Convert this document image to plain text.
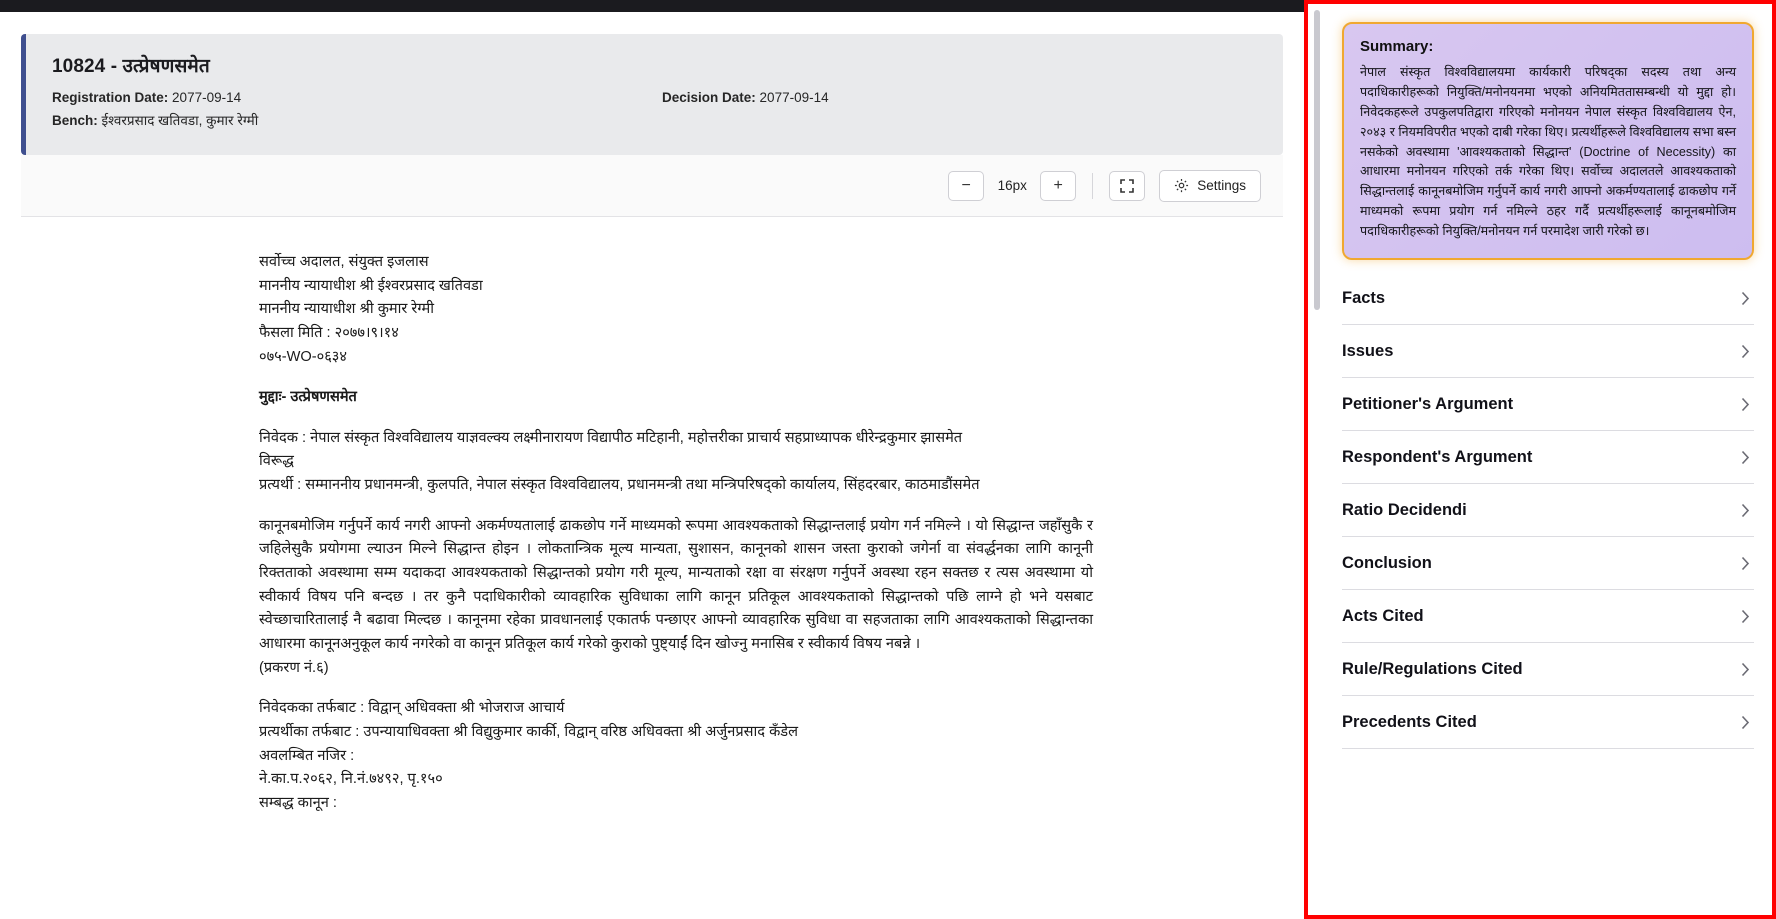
10824 - उत्प्रेषणसमेत
Registration Date: 2077-09-14	Decision Date: 2077-09-14
Bench: ईश्वरप्रसाद खतिवडा, कुमार रेग्मी
−	16px	+	Settings

सर्वोच्च अदालत, संयुक्त इजलास

माननीय न्यायाधीश श्री ईश्वरप्रसाद खतिवडा

माननीय न्यायाधीश श्री कुमार रेग्मी

फैसला मिति : २०७७।९।१४

०७५-WO-०६३४

मुद्दाः- उत्प्रेषणसमेत

निवेदक : नेपाल संस्कृत विश्वविद्यालय याज्ञवल्क्य लक्ष्मीनारायण विद्यापीठ मटिहानी, महोत्तरीका प्राचार्य सहप्राध्यापक धीरेन्द्रकुमार झासमेत

विरूद्ध

प्रत्यर्थी : सम्माननीय प्रधानमन्त्री, कुलपति, नेपाल संस्कृत विश्वविद्यालय, प्रधानमन्त्री तथा मन्त्रिपरिषद्को कार्यालय, सिंहदरबार, काठमाडौंसमेत

कानूनबमोजिम गर्नुपर्ने कार्य नगरी आफ्नो अकर्मण्यतालाई ढाकछोप गर्ने माध्यमको रूपमा आवश्यकताको सिद्धान्तलाई प्रयोग गर्न नमिल्ने । यो सिद्धान्त जहाँसुकै र जहिलेसुकै प्रयोगमा ल्याउन मिल्ने सिद्धान्त होइन । लोकतान्त्रिक मूल्य मान्यता, सुशासन, कानूनको शासन जस्ता कुराको जगेर्ना वा संवर्द्धनका लागि कानूनी रिक्तताको अवस्थामा सम्म यदाकदा आवश्यकताको सिद्धान्तको प्रयोग गरी मूल्य, मान्यताको रक्षा वा संरक्षण गर्नुपर्ने अवस्था रहन सक्तछ र त्यस अवस्थामा यो स्वीकार्य विषय पनि बन्दछ । तर कुनै पदाधिकारीको व्यावहारिक सुविधाका लागि कानून प्रतिकूल आवश्यकताको सिद्धान्तको पछि लाग्ने हो भने यसबाट स्वेच्छाचारितालाई नै बढावा मिल्दछ । कानूनमा रहेका प्रावधानलाई एकातर्फ पन्छाएर आफ्नो व्यावहारिक सुविधा वा सहजताका लागि आवश्यकताको सिद्धान्तका आधारमा कानूनअनुकूल कार्य नगरेको वा कानून प्रतिकूल कार्य गरेको कुराको पुष्ट्याईं दिन खोज्नु मनासिब र स्वीकार्य विषय नबन्ने ।

(प्रकरण नं.६)

निवेदकका तर्फबाट : विद्वान् अधिवक्ता श्री भोजराज आचार्य

प्रत्यर्थीका तर्फबाट : उपन्यायाधिवक्ता श्री विद्युकुमार कार्की, विद्वान् वरिष्ठ अधिवक्ता श्री अर्जुनप्रसाद कँडेल

अवलम्बित नजिर :

ने.का.प.२०६२, नि.नं.७४९२, पृ.१५०

सम्बद्ध कानून :

Summary:
नेपाल संस्कृत विश्वविद्यालयमा कार्यकारी परिषद्का सदस्य तथा अन्य पदाधिकारीहरूको नियुक्ति/मनोनयनमा भएको अनियमिततासम्बन्धी यो मुद्दा हो। निवेदकहरूले उपकुलपतिद्वारा गरिएको मनोनयन नेपाल संस्कृत विश्वविद्यालय ऐन, २०४३ र नियमविपरीत भएको दाबी गरेका थिए। प्रत्यर्थीहरूले विश्वविद्यालय सभा बस्न नसकेको अवस्थामा 'आवश्यकताको सिद्धान्त' (Doctrine of Necessity) का आधारमा मनोनयन गरिएको तर्क गरेका थिए। सर्वोच्च अदालतले आवश्यकताको सिद्धान्तलाई कानूनबमोजिम गर्नुपर्ने कार्य नगरी आफ्नो अकर्मण्यतालाई ढाकछोप गर्ने माध्यमको रूपमा प्रयोग गर्न नमिल्ने ठहर गर्दै प्रत्यर्थीहरूलाई कानूनबमोजिम पदाधिकारीहरूको नियुक्ति/मनोनयन गर्न परमादेश जारी गरेको छ।
Facts
Issues
Petitioner's Argument
Respondent's Argument
Ratio Decidendi
Conclusion
Acts Cited
Rule/Regulations Cited
Precedents Cited
